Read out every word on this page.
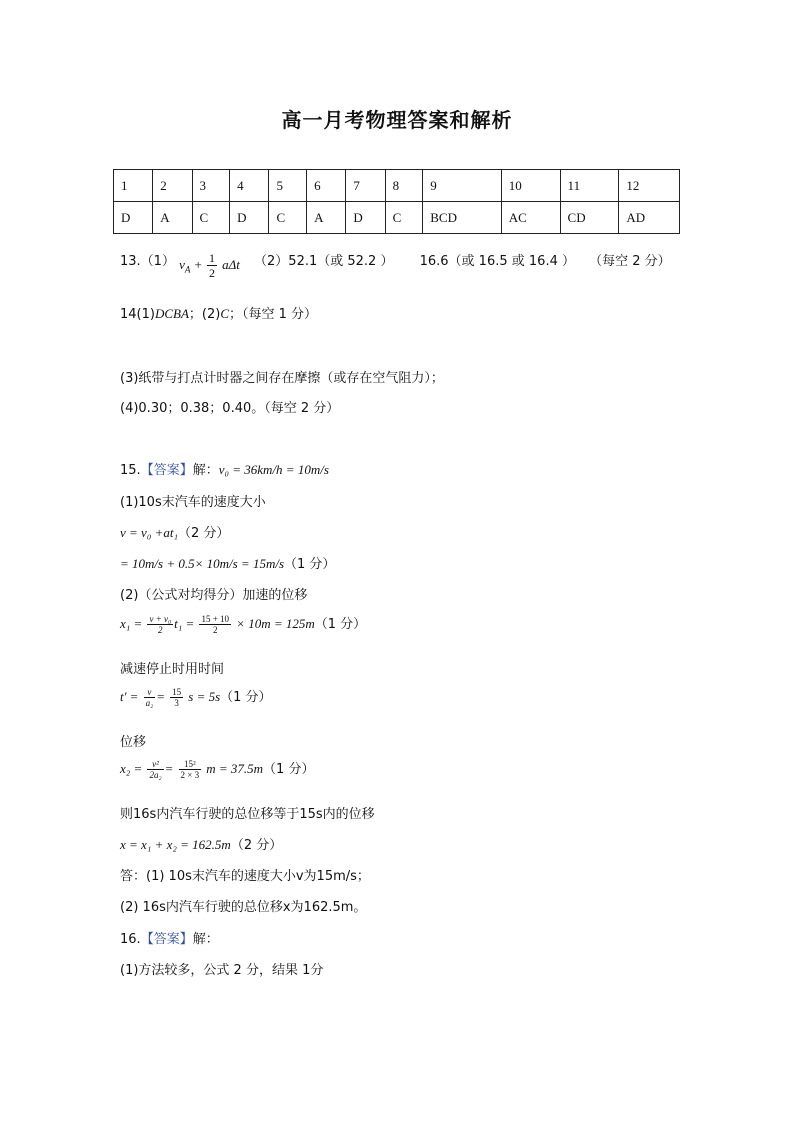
高一月考物理答案和解析
1	2	3	4	5	6	7	8	9	10	11	12
D	A	C	D	C	A	D	C	BCD	AC	CD	AD
13.（1） $v_A + \frac{1}{2}$ aΔt （2）52.1（或 52.2 ） 16.6（或 16.5 或 16.4 ） （每空 2 分）
14(1)DCBA；(2)C；（每空 1 分）
(3)纸带与打点计时器之间存在摩擦（或存在空气阻力）；
(4)0.30；0.38；0.40。（每空 2 分）
15.【答案】解：v₀ = 36km/h = 10m/s
(1)10s末汽车的速度大小
v = v₀ +at₁（2 分）
= 10m/s + 0.5× 10m/s = 15m/s（1 分）
(2)（公式对均得分）加速的位移
$x_1 = \frac{\text{v + v₀}}{2} t_1 = \frac{15 + 10}{2} \times 10m = 125m(1$ 分）
减速停止时用时间
$t' = \frac{v}{\text{a₂}} = \frac{15}{3}$ s = 5s（1 分）
位移
$x_2 = \frac{\text{v²}}{\text{2a₂}} = \frac{\text{15²}}{2 \times 3}$ m = 37.5m（1 分）
则16s内汽车行驶的总位移等于15s内的位移
x = x₁ + x₂ = 162.5m（2 分）
答：(1) 10s末汽车的速度大小v为15m/s；
(2) 16s内汽车行驶的总位移x为162.5m。
16.【答案】解：
(1)方法较多，公式 2 分，结果 1分
